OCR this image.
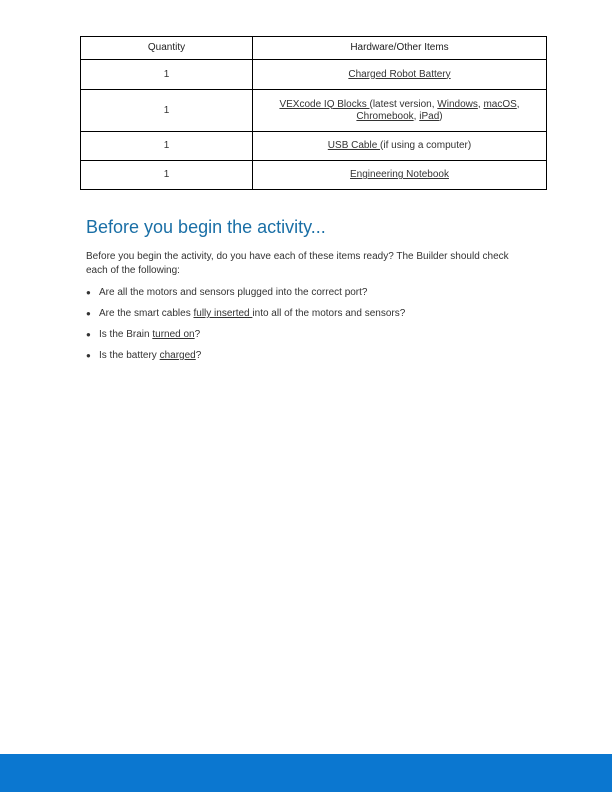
Quantity	Hardware/Other Items
1	Charged Robot Battery
1	VEXcode IQ Blocks (latest version, Windows, macOS,
Chromebook, iPad)
1	USB Cable (if using a computer)
1	Engineering Notebook
Before you begin the activity...

Before you begin the activity, do you have each of these items ready? The Builder should check each of the following:

● Are all the motors and sensors plugged into the correct port?
● Are the smart cables fully inserted into all of the motors and sensors?
● Is the Brain turned on?
● Is the battery charged?
